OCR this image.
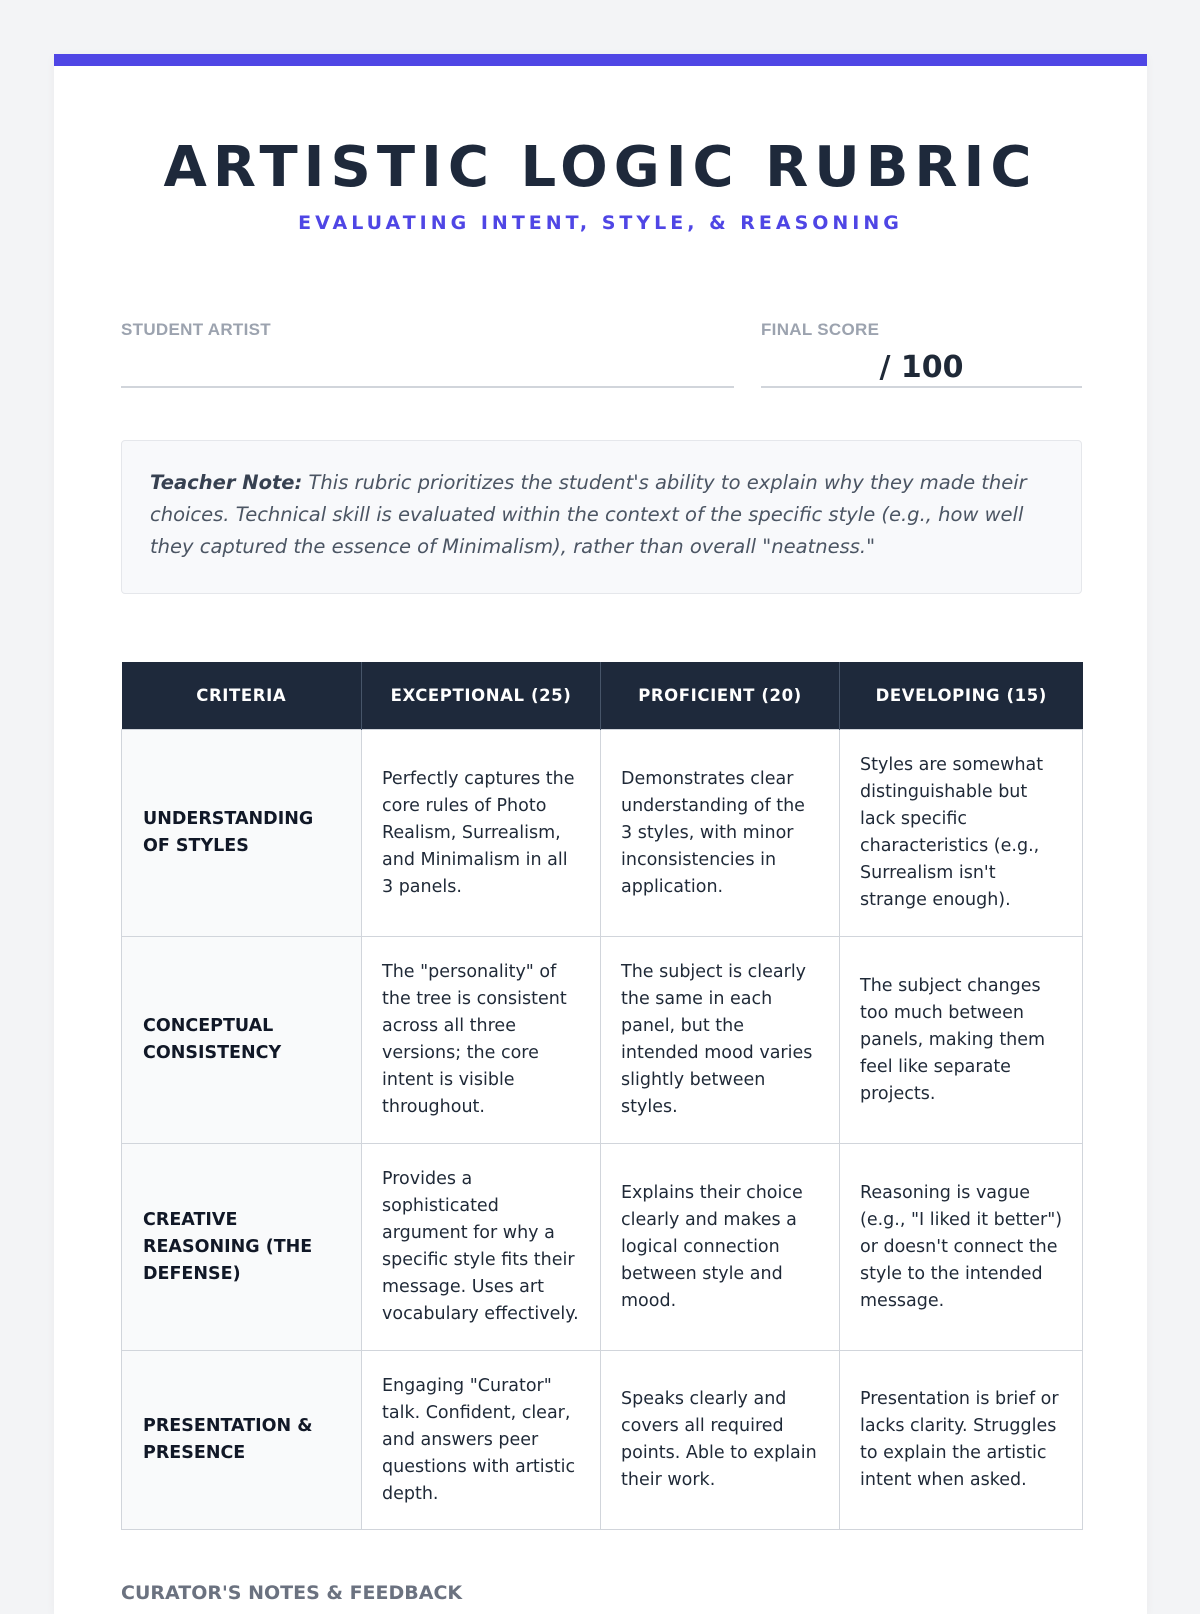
ARTISTIC LOGIC RUBRIC
EVALUATING INTENT, STYLE, & REASONING
STUDENT ARTIST	FINAL SCORE
/ 100
Teacher Note: This rubric prioritizes the student's ability to explain why they made their choices. Technical skill is evaluated within the context of the specific style (e.g., how well they captured the essence of Minimalism), rather than overall "neatness."
CRITERIA	EXCEPTIONAL (25)	PROFICIENT (20)	DEVELOPING (15)
UNDERSTANDING OF STYLES	Perfectly captures the core rules of Photo Realism, Surrealism, and Minimalism in all 3 panels.	Demonstrates clear understanding of the 3 styles, with minor inconsistencies in application.	Styles are somewhat distinguishable but lack specific characteristics (e.g., Surrealism isn't strange enough).
CONCEPTUAL CONSISTENCY	The "personality" of the tree is consistent across all three versions; the core intent is visible throughout.	The subject is clearly the same in each panel, but the intended mood varies slightly between styles.	The subject changes too much between panels, making them feel like separate projects.
CREATIVE REASONING (THE DEFENSE)	Provides a sophisticated argument for why a specific style fits their message. Uses art vocabulary effectively.	Explains their choice clearly and makes a logical connection between style and mood.	Reasoning is vague (e.g., "I liked it better") or doesn't connect the style to the intended message.
PRESENTATION & PRESENCE	Engaging "Curator" talk. Confident, clear, and answers peer questions with artistic depth.	Speaks clearly and covers all required points. Able to explain their work.	Presentation is brief or lacks clarity. Struggles to explain the artistic intent when asked.
CURATOR'S NOTES & FEEDBACK
